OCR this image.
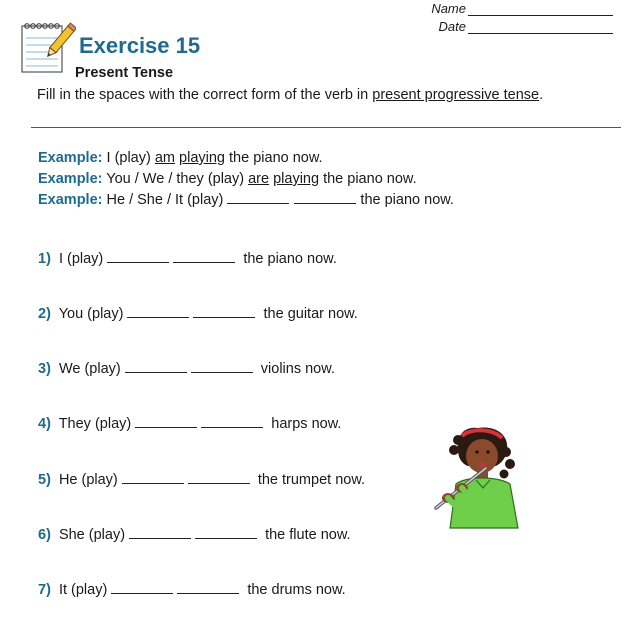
Name
Date
Exercise 15
Present Tense
Fill in the spaces with the correct form of the verb in present progressive tense.
Example: I (play) am playing the piano now.
Example: You / We / they (play) are playing the piano now.
Example: He / She / It (play)	the piano now.
1) I (play)	the piano now.
2) You (play)	the guitar now.
3) We (play)	violins now.
4) They (play)	harps now.
5) He (play)	the trumpet now.
6) She (play)	the flute now.
7) It (play)	the drums now.
